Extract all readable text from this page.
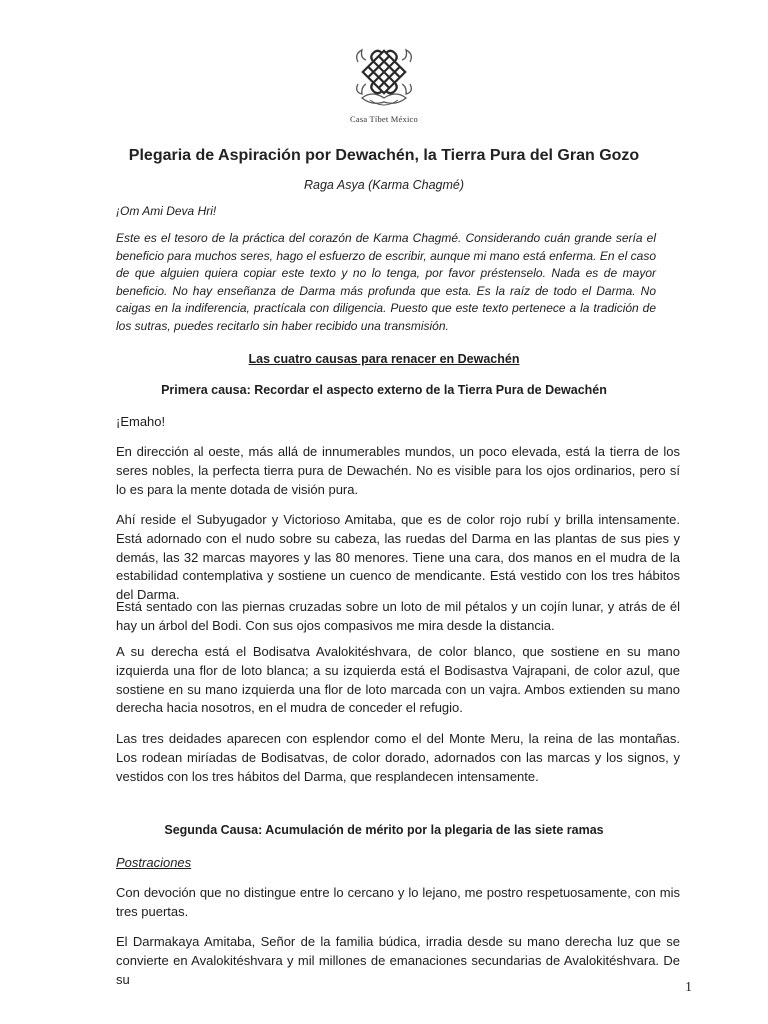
Casa Tíbet México
Plegaria de Aspiración por Dewachén, la Tierra Pura del Gran Gozo
Raga Asya (Karma Chagmé)

¡Om Ami Deva Hri!

Este es el tesoro de la práctica del corazón de Karma Chagmé. Considerando cuán grande sería el beneficio para muchos seres, hago el esfuerzo de escribir, aunque mi mano está enferma. En el caso de que alguien quiera copiar este texto y no lo tenga, por favor préstenselo. Nada es de mayor beneficio. No hay enseñanza de Darma más profunda que esta. Es la raíz de todo el Darma. No caigas en la indiferencia, practícala con diligencia. Puesto que este texto pertenece a la tradición de los sutras, puedes recitarlo sin haber recibido una transmisión.

Las cuatro causas para renacer en Dewachén
Primera causa: Recordar el aspecto externo de la Tierra Pura de Dewachén

¡Emaho!

En dirección al oeste, más allá de innumerables mundos, un poco elevada, está la tierra de los seres nobles, la perfecta tierra pura de Dewachén. No es visible para los ojos ordinarios, pero sí lo es para la mente dotada de visión pura.

Ahí reside el Subyugador y Victorioso Amitaba, que es de color rojo rubí y brilla intensamente. Está adornado con el nudo sobre su cabeza, las ruedas del Darma en las plantas de sus pies y demás, las 32 marcas mayores y las 80 menores. Tiene una cara, dos manos en el mudra de la estabilidad contemplativa y sostiene un cuenco de mendicante. Está vestido con los tres hábitos del Darma.

Está sentado con las piernas cruzadas sobre un loto de mil pétalos y un cojín lunar, y atrás de él hay un árbol del Bodi. Con sus ojos compasivos me mira desde la distancia.

A su derecha está el Bodisatva Avalokitéshvara, de color blanco, que sostiene en su mano izquierda una flor de loto blanca; a su izquierda está el Bodisastva Vajrapani, de color azul, que sostiene en su mano izquierda una flor de loto marcada con un vajra. Ambos extienden su mano derecha hacia nosotros, en el mudra de conceder el refugio.

Las tres deidades aparecen con esplendor como el del Monte Meru, la reina de las montañas. Los rodean miríadas de Bodisatvas, de color dorado, adornados con las marcas y los signos, y vestidos con los tres hábitos del Darma, que resplandecen intensamente.

Segunda Causa: Acumulación de mérito por la plegaria de las siete ramas

Postraciones

Con devoción que no distingue entre lo cercano y lo lejano, me postro respetuosamente, con mis tres puertas.

El Darmakaya Amitaba, Señor de la familia búdica, irradia desde su mano derecha luz que se convierte en Avalokitéshvara y mil millones de emanaciones secundarias de Avalokitéshvara. De su

1
